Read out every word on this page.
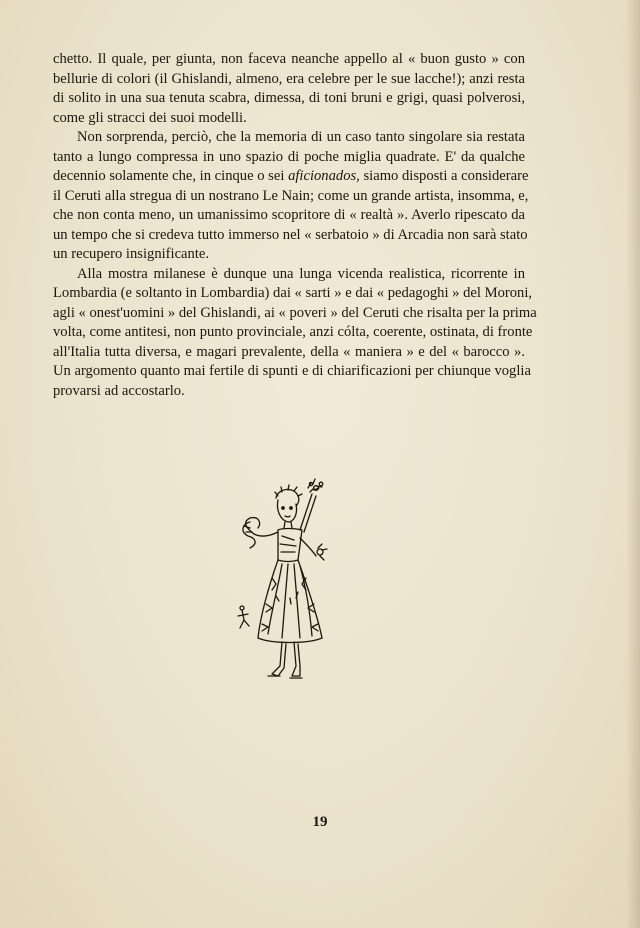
chetto. Il quale, per giunta, non faceva neanche appello al « buon gusto » con
bellurie di colori (il Ghislandi, almeno, era celebre per le sue lacche!); anzi resta
di solito in una sua tenuta scabra, dimessa, di toni bruni e grigi, quasi polverosi,
come gli stracci dei suoi modelli.
Non sorprenda, perciò, che la memoria di un caso tanto singolare sia restata
tanto a lungo compressa in uno spazio di poche miglia quadrate. E' da qualche
decennio solamente che, in cinque o sei aficionados, siamo disposti a considerare
il Ceruti alla stregua di un nostrano Le Nain; come un grande artista, insomma, e,
che non conta meno, un umanissimo scopritore di « realtà ». Averlo ripescato da
un tempo che si credeva tutto immerso nel « serbatoio » di Arcadia non sarà stato
un recupero insignificante.
Alla mostra milanese è dunque una lunga vicenda realistica, ricorrente in
Lombardia (e soltanto in Lombardia) dai « sarti » e dai « pedagoghi » del Moroni,
agli « onest'uomini » del Ghislandi, ai « poveri » del Ceruti che risalta per la prima
volta, come antitesi, non punto provinciale, anzi cólta, coerente, ostinata, di fronte
all'Italia tutta diversa, e magari prevalente, della « maniera » e del « barocco ».
Un argomento quanto mai fertile di spunti e di chiarificazioni per chiunque voglia
provarsi ad accostarlo.
19
